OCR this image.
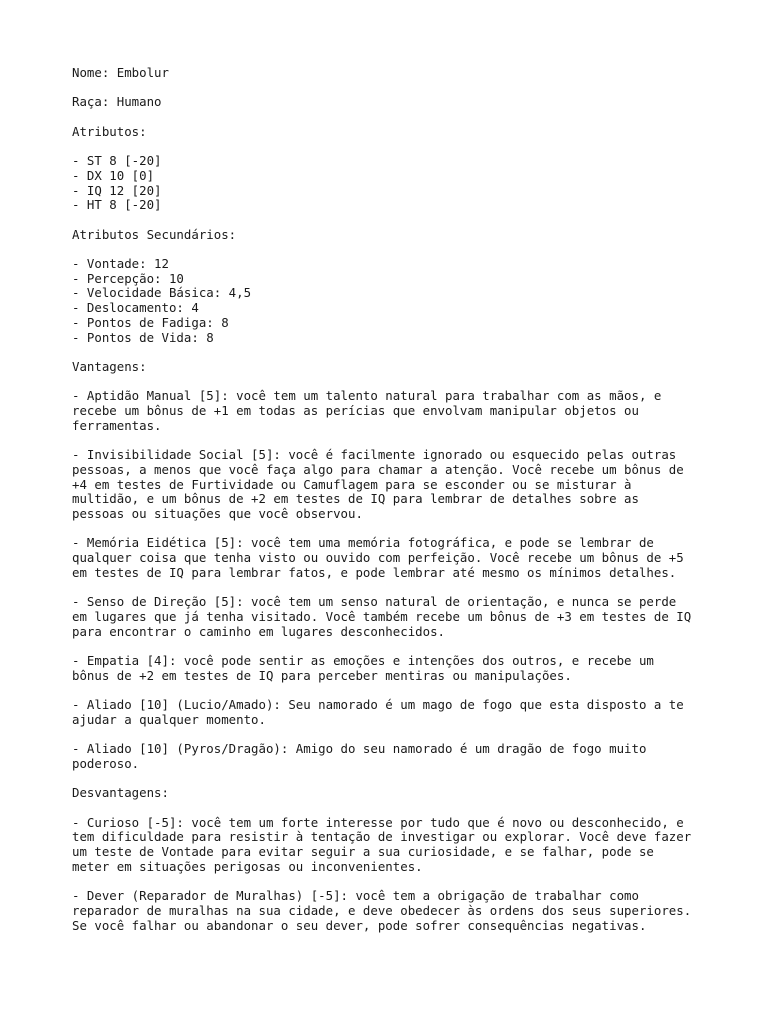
Nome: Embolur
Raça: Humano
Atributos:
- ST 8 [-20]
- DX 10 [0]
- IQ 12 [20]
- HT 8 [-20]
Atributos Secundários:
- Vontade: 12
- Percepção: 10
- Velocidade Básica: 4,5
- Deslocamento: 4
- Pontos de Fadiga: 8
- Pontos de Vida: 8
Vantagens:
- Aptidão Manual [5]: você tem um talento natural para trabalhar com as mãos, e
recebe um bônus de +1 em todas as perícias que envolvam manipular objetos ou
ferramentas.
- Invisibilidade Social [5]: você é facilmente ignorado ou esquecido pelas outras
pessoas, a menos que você faça algo para chamar a atenção. Você recebe um bônus de
+4 em testes de Furtividade ou Camuflagem para se esconder ou se misturar à
multidão, e um bônus de +2 em testes de IQ para lembrar de detalhes sobre as
pessoas ou situações que você observou.
- Memória Eidética [5]: você tem uma memória fotográfica, e pode se lembrar de
qualquer coisa que tenha visto ou ouvido com perfeição. Você recebe um bônus de +5
em testes de IQ para lembrar fatos, e pode lembrar até mesmo os mínimos detalhes.
- Senso de Direção [5]: você tem um senso natural de orientação, e nunca se perde
em lugares que já tenha visitado. Você também recebe um bônus de +3 em testes de IQ
para encontrar o caminho em lugares desconhecidos.
- Empatia [4]: você pode sentir as emoções e intenções dos outros, e recebe um
bônus de +2 em testes de IQ para perceber mentiras ou manipulações.
- Aliado [10] (Lucio/Amado): Seu namorado é um mago de fogo que esta disposto a te
ajudar a qualquer momento.
- Aliado [10] (Pyros/Dragão): Amigo do seu namorado é um dragão de fogo muito
poderoso.
Desvantagens:
- Curioso [-5]: você tem um forte interesse por tudo que é novo ou desconhecido, e
tem dificuldade para resistir à tentação de investigar ou explorar. Você deve fazer
um teste de Vontade para evitar seguir a sua curiosidade, e se falhar, pode se
meter em situações perigosas ou inconvenientes.
- Dever (Reparador de Muralhas) [-5]: você tem a obrigação de trabalhar como
reparador de muralhas na sua cidade, e deve obedecer às ordens dos seus superiores.
Se você falhar ou abandonar o seu dever, pode sofrer consequências negativas.
